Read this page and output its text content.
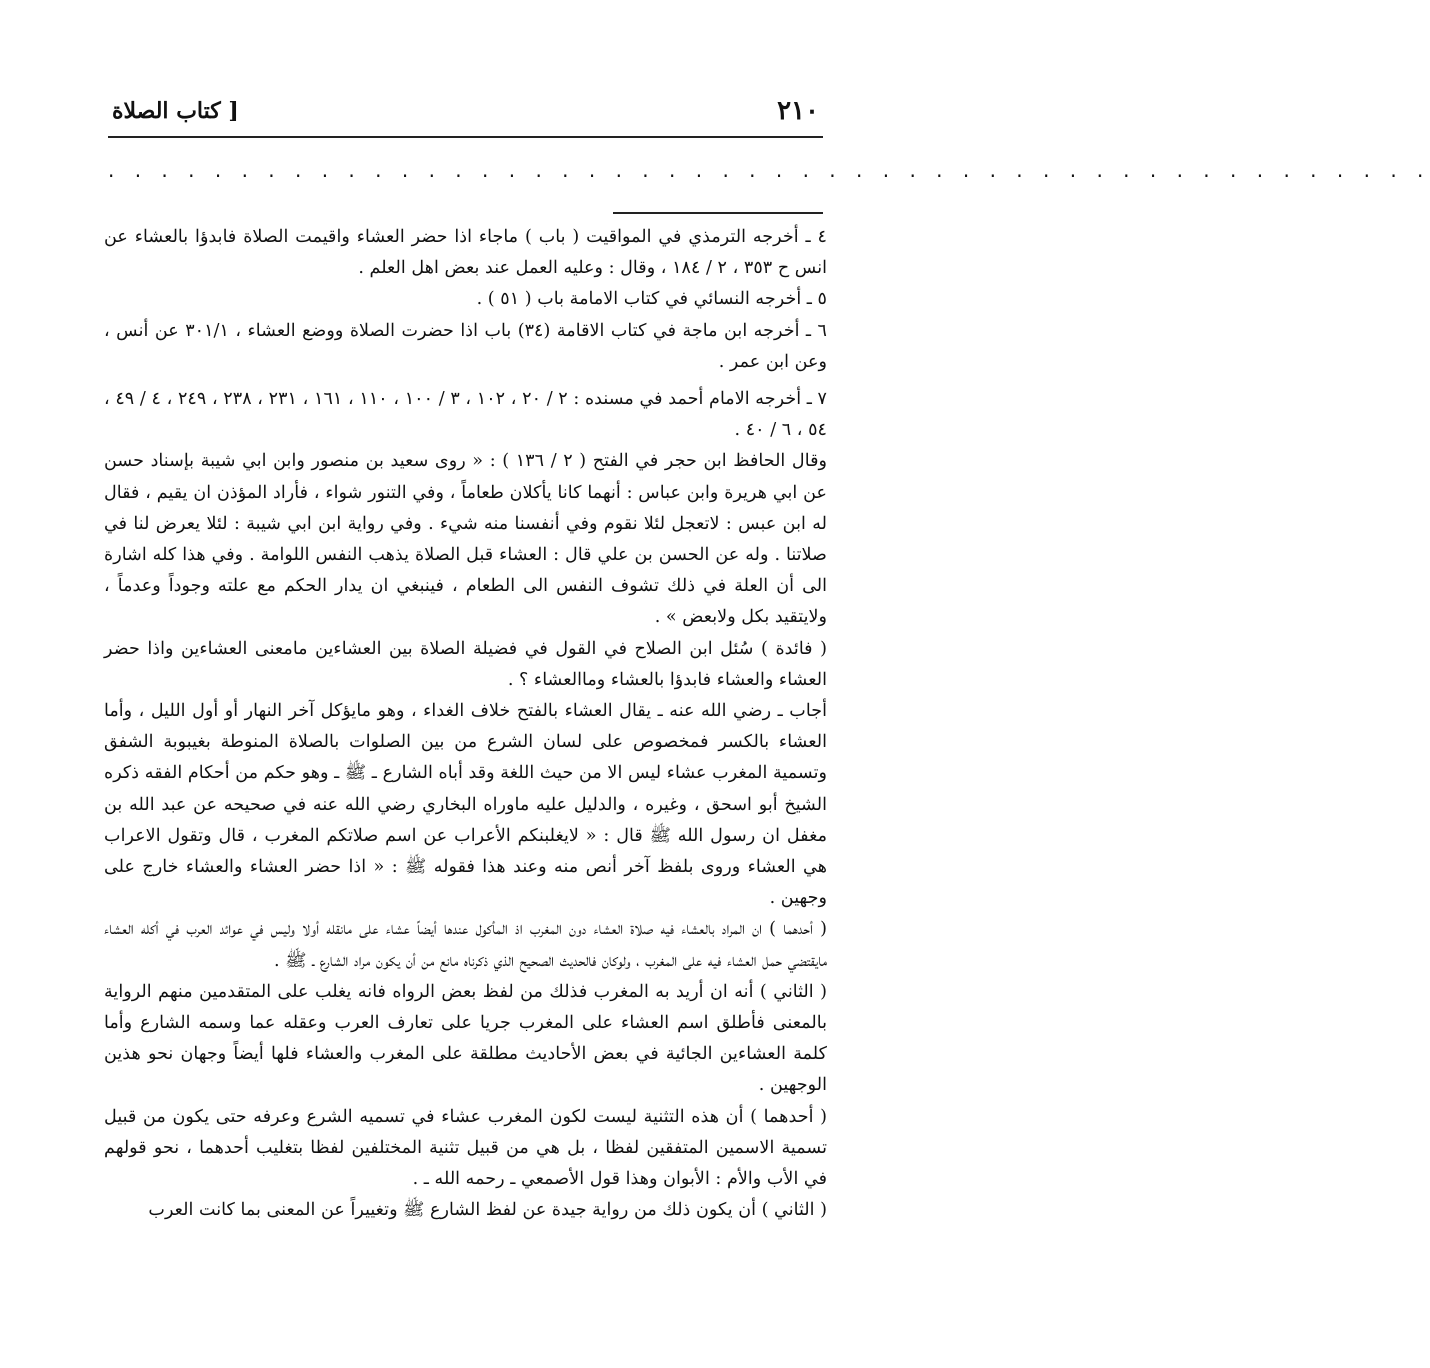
٢١٠
[ كتاب الصلاة
. . . . . . . . . . . . . . . . . . . . . . . . . . . . . . . . . . . . . . . . . . . . . . . . . .

٤ ـ أخرجه الترمذي في المواقيت ( باب ) ماجاء اذا حضر العشاء واقيمت الصلاة فابدؤا بالعشاء عن انس ح ٣٥٣ ، ٢ / ١٨٤ ، وقال : وعليه العمل عند بعض اهل العلم .

٥ ـ أخرجه النسائي في كتاب الامامة باب ( ٥١ ) .

٦ ـ أخرجه ابن ماجة في كتاب الاقامة (٣٤) باب اذا حضرت الصلاة ووضع العشاء ، ٣٠١/١ عن أنس ، وعن ابن عمر .

٧ ـ أخرجه الامام أحمد في مسنده : ٢ / ٢٠ ، ١٠٢ ، ٣ / ١٠٠ ، ١١٠ ، ١٦١ ، ٢٣١ ، ٢٣٨ ، ٢٤٩ ، ٤ / ٤٩ ، ٥٤ ، ٦ / ٤٠ .

وقال الحافظ ابن حجر في الفتح ( ٢ / ١٣٦ ) : « روى سعيد بن منصور وابن ابي شيبة بإسناد حسن عن ابي هريرة وابن عباس : أنهما كانا يأكلان طعاماً ، وفي التنور شواء ، فأراد المؤذن ان يقيم ، فقال له ابن عبس : لاتعجل لئلا نقوم وفي أنفسنا منه شيء . وفي رواية ابن ابي شيبة : لئلا يعرض لنا في صلاتنا . وله عن الحسن بن علي قال : العشاء قبل الصلاة يذهب النفس اللوامة . وفي هذا كله اشارة الى أن العلة في ذلك تشوف النفس الى الطعام ، فينبغي ان يدار الحكم مع علته وجوداً وعدماً ، ولايتقيد بكل ولابعض » .

( فائدة ) سُئل ابن الصلاح في القول في فضيلة الصلاة بين العشاءين مامعنى العشاءين واذا حضر العشاء والعشاء فابدؤا بالعشاء وماالعشاء ؟ .

أجاب ـ رضي الله عنه ـ يقال العشاء بالفتح خلاف الغداء ، وهو مايؤكل آخر النهار أو أول الليل ، وأما العشاء بالكسر فمخصوص على لسان الشرع من بين الصلوات بالصلاة المنوطة بغيبوبة الشفق وتسمية المغرب عشاء ليس الا من حيث اللغة وقد أباه الشارع ـ ﷺ ـ وهو حكم من أحكام الفقه ذكره الشيخ أبو اسحق ، وغيره ، والدليل عليه ماوراه البخاري رضي الله عنه في صحيحه عن عبد الله بن مغفل ان رسول الله ﷺ قال : « لايغلبنكم الأعراب عن اسم صلاتكم المغرب ، قال وتقول الاعراب هي العشاء وروى بلفظ آخر أنص منه وعند هذا فقوله ﷺ : « اذا حضر العشاء والعشاء خارج على وجهين .

( أحدهما ) ان المراد بالعشاء فيه صلاة العشاء دون المغرب اذ المأكول عندها أيضاً عشاء على مانقله أولا وليس في عوائد العرب في أكله العشاء مايقتضي حمل العشاء فيه على المغرب ، ولوكان فالحديث الصحيح الذي ذكرناه مانع من أن يكون مراد الشارع ـ ﷺ .

( الثاني ) أنه ان أريد به المغرب فذلك من لفظ بعض الرواه فانه يغلب على المتقدمين منهم الرواية بالمعنى فأطلق اسم العشاء على المغرب جريا على تعارف العرب وعقله عما وسمه الشارع وأما كلمة العشاءين الجائية في بعض الأحاديث مطلقة على المغرب والعشاء فلها أيضاً وجهان نحو هذين الوجهين .

( أحدهما ) أن هذه التثنية ليست لكون المغرب عشاء في تسميه الشرع وعرفه حتى يكون من قبيل تسمية الاسمين المتفقين لفظا ، بل هي من قبيل تثنية المختلفين لفظا بتغليب أحدهما ، نحو قولهم في الأب والأم : الأبوان وهذا قول الأصمعي ـ رحمه الله ـ .

( الثاني ) أن يكون ذلك من رواية جيدة عن لفظ الشارع ﷺ وتغييراً عن المعنى بما كانت العرب
